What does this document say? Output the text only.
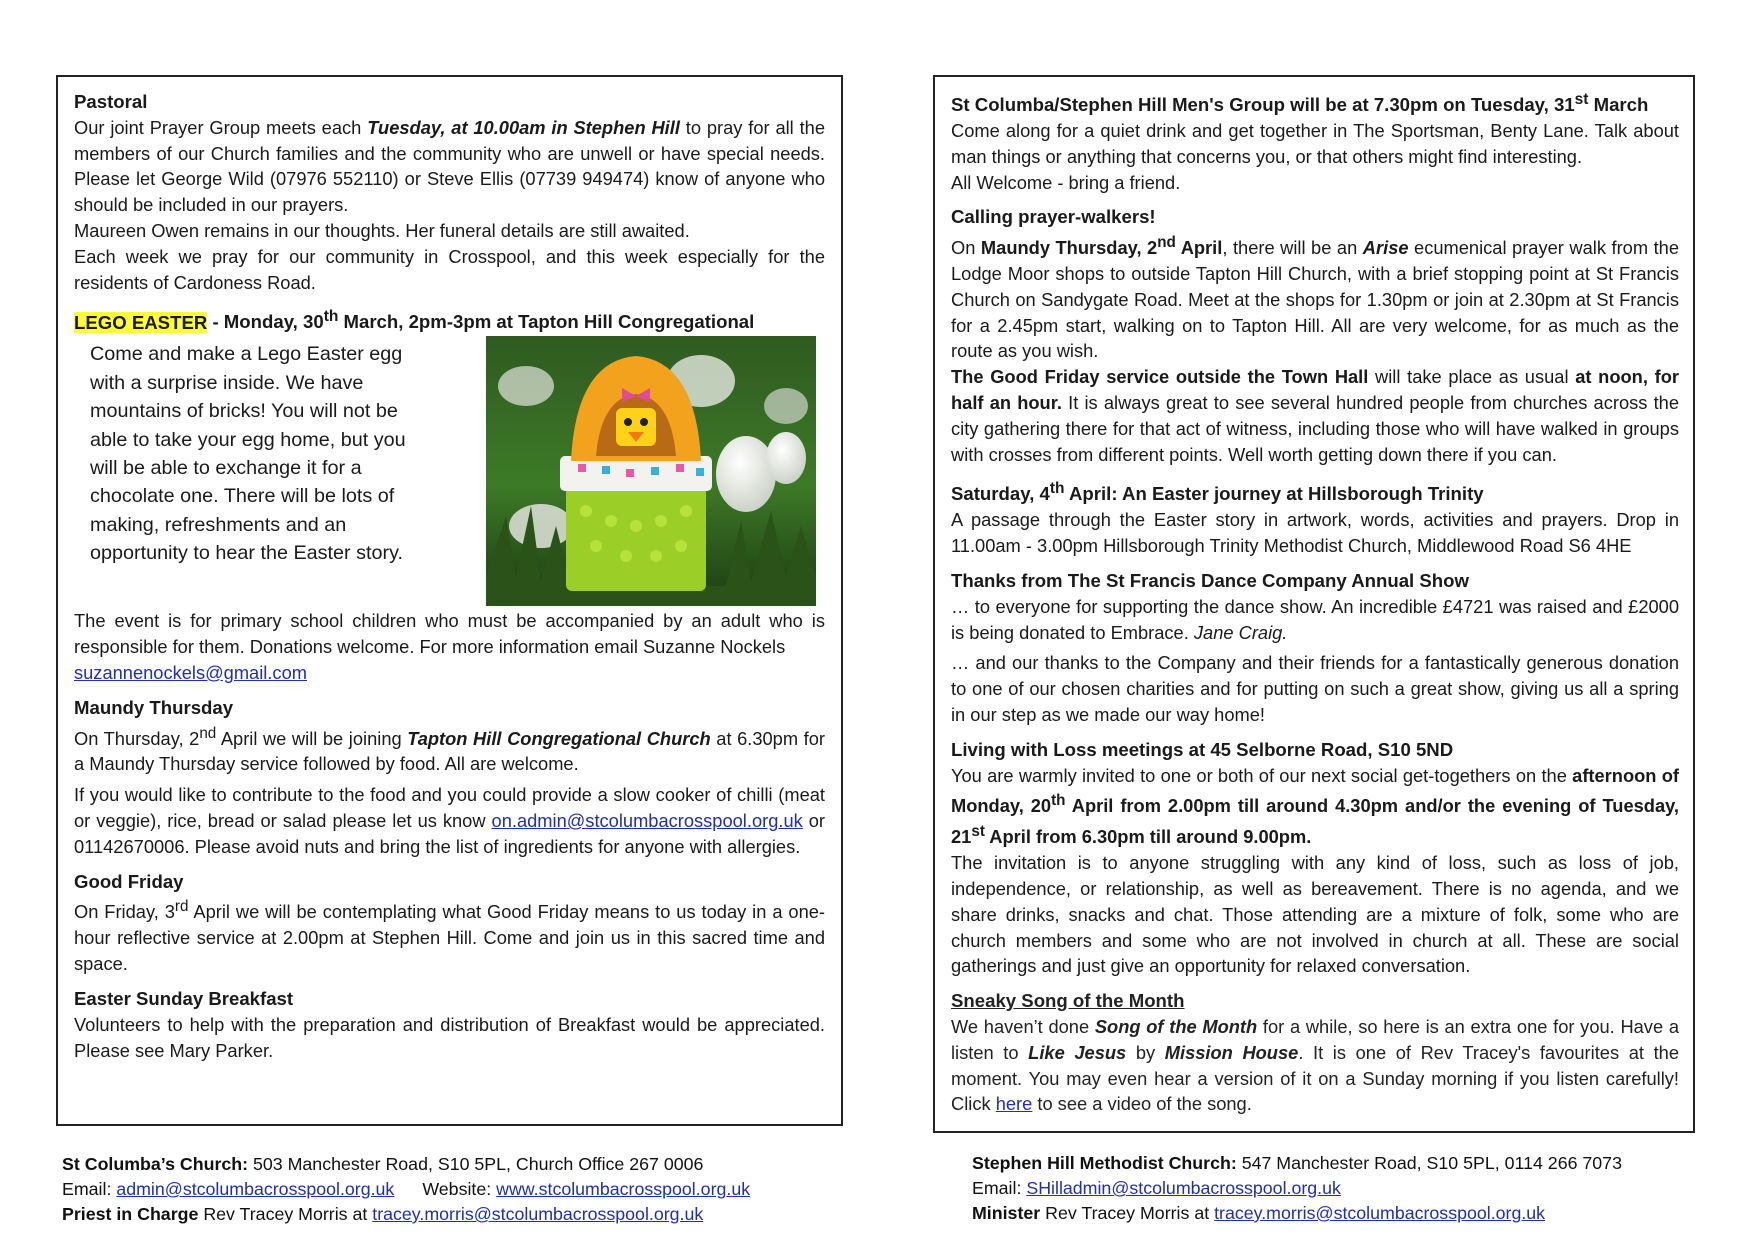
Pastoral

Our joint Prayer Group meets each Tuesday, at 10.00am in Stephen Hill to pray for all the members of our Church families and the community who are unwell or have special needs. Please let George Wild (07976 552110) or Steve Ellis (07739 949474) know of anyone who should be included in our prayers.

Maureen Owen remains in our thoughts. Her funeral details are still awaited.

Each week we pray for our community in Crosspool, and this week especially for the residents of Cardoness Road.

LEGO EASTER - Monday, 30th March, 2pm-3pm at Tapton Hill Congregational

Come and make a Lego Easter egg with a surprise inside. We have mountains of bricks! You will not be able to take your egg home, but you will be able to exchange it for a chocolate one. There will be lots of making, refreshments and an opportunity to hear the Easter story.

The event is for primary school children who must be accompanied by an adult who is responsible for them. Donations welcome. For more information email Suzanne Nockels
suzannenockels@gmail.com

Maundy Thursday

On Thursday, 2nd April we will be joining Tapton Hill Congregational Church at 6.30pm for a Maundy Thursday service followed by food. All are welcome.

If you would like to contribute to the food and you could provide a slow cooker of chilli (meat or veggie), rice, bread or salad please let us know on.admin@stcolumbacrosspool.org.uk or 01142670006. Please avoid nuts and bring the list of ingredients for anyone with allergies.

Good Friday

On Friday, 3rd April we will be contemplating what Good Friday means to us today in a one-hour reflective service at 2.00pm at Stephen Hill. Come and join us in this sacred time and space.

Easter Sunday Breakfast

Volunteers to help with the preparation and distribution of Breakfast would be appreciated. Please see Mary Parker.

St Columba/Stephen Hill Men's Group will be at 7.30pm on Tuesday, 31st March

Come along for a quiet drink and get together in The Sportsman, Benty Lane. Talk about man things or anything that concerns you, or that others might find interesting.

All Welcome - bring a friend.

Calling prayer-walkers!

On Maundy Thursday, 2nd April, there will be an Arise ecumenical prayer walk from the Lodge Moor shops to outside Tapton Hill Church, with a brief stopping point at St Francis Church on Sandygate Road. Meet at the shops for 1.30pm or join at 2.30pm at St Francis for a 2.45pm start, walking on to Tapton Hill. All are very welcome, for as much as the route as you wish.

The Good Friday service outside the Town Hall will take place as usual at noon, for half an hour. It is always great to see several hundred people from churches across the city gathering there for that act of witness, including those who will have walked in groups with crosses from different points. Well worth getting down there if you can.

Saturday, 4th April: An Easter journey at Hillsborough Trinity

A passage through the Easter story in artwork, words, activities and prayers. Drop in 11.00am - 3.00pm Hillsborough Trinity Methodist Church, Middlewood Road S6 4HE

Thanks from The St Francis Dance Company Annual Show

… to everyone for supporting the dance show. An incredible £4721 was raised and £2000 is being donated to Embrace. Jane Craig.

… and our thanks to the Company and their friends for a fantastically generous donation to one of our chosen charities and for putting on such a great show, giving us all a spring in our step as we made our way home!

Living with Loss meetings at 45 Selborne Road, S10 5ND

You are warmly invited to one or both of our next social get-togethers on the afternoon of Monday, 20th April from 2.00pm till around 4.30pm and/or the evening of Tuesday, 21st April from 6.30pm till around 9.00pm.

The invitation is to anyone struggling with any kind of loss, such as loss of job, independence, or relationship, as well as bereavement. There is no agenda, and we share drinks, snacks and chat. Those attending are a mixture of folk, some who are church members and some who are not involved in church at all. These are social gatherings and just give an opportunity for relaxed conversation.

Sneaky Song of the Month

We haven’t done Song of the Month for a while, so here is an extra one for you. Have a listen to Like Jesus by Mission House. It is one of Rev Tracey's favourites at the moment. You may even hear a version of it on a Sunday morning if you listen carefully! Click here to see a video of the song.

St Columba’s Church: 503 Manchester Road, S10 5PL, Church Office 267 0006
Email: admin@stcolumbacrosspool.org.uk Website: www.stcolumbacrosspool.org.uk
Priest in Charge Rev Tracey Morris at tracey.morris@stcolumbacrosspool.org.uk
Stephen Hill Methodist Church: 547 Manchester Road, S10 5PL, 0114 266 7073
Email: SHilladmin@stcolumbacrosspool.org.uk
Minister Rev Tracey Morris at tracey.morris@stcolumbacrosspool.org.uk
